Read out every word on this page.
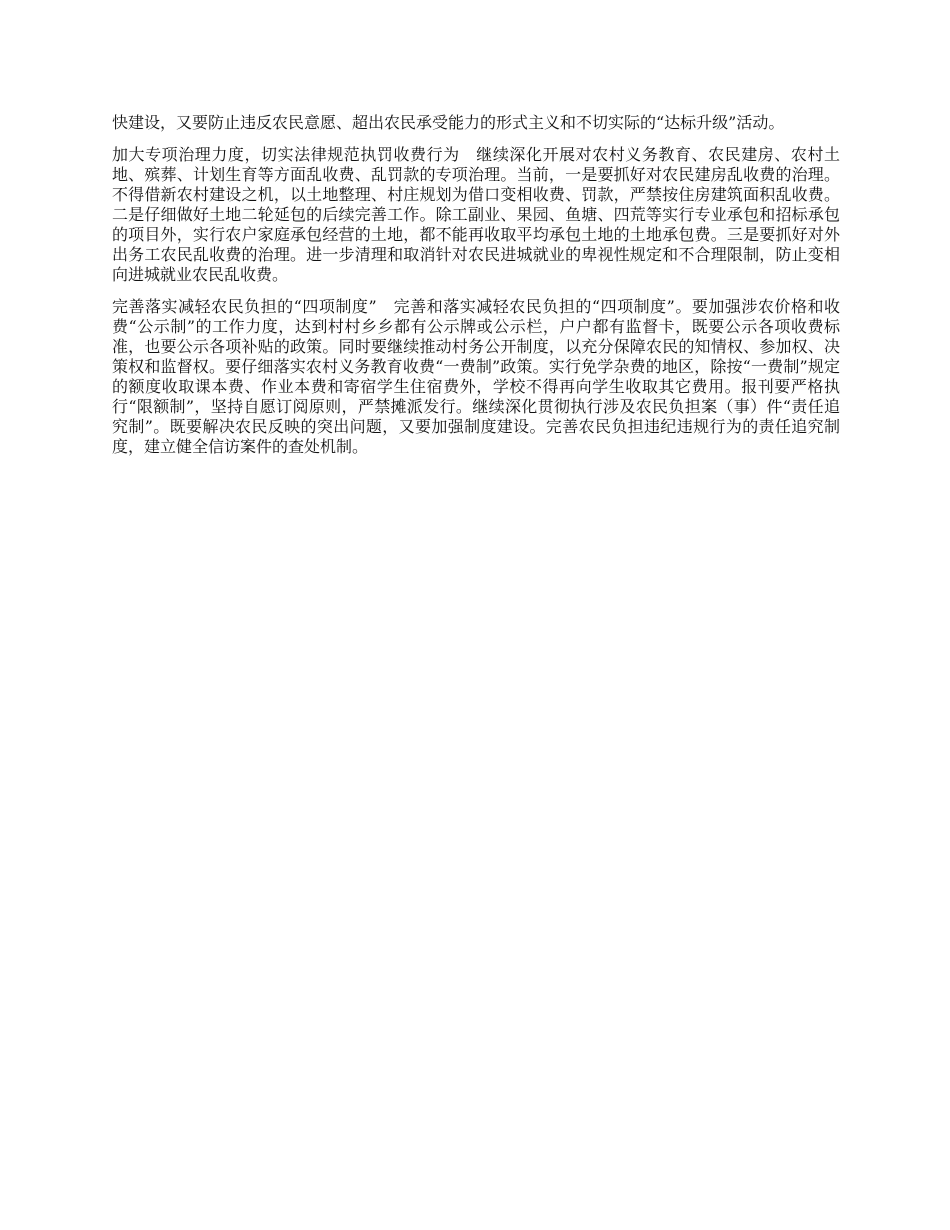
快建设，又要防止违反农民意愿、超出农民承受能力的形式主义和不切实际的“达标升级”活动。

加大专项治理力度，切实法律规范执罚收费行为　继续深化开展对农村义务教育、农民建房、农村土地、殡葬、计划生育等方面乱收费、乱罚款的专项治理。当前，一是要抓好对农民建房乱收费的治理。不得借新农村建设之机，以土地整理、村庄规划为借口变相收费、罚款，严禁按住房建筑面积乱收费。二是仔细做好土地二轮延包的后续完善工作。除工副业、果园、鱼塘、四荒等实行专业承包和招标承包的项目外，实行农户家庭承包经营的土地，都不能再收取平均承包土地的土地承包费。三是要抓好对外出务工农民乱收费的治理。进一步清理和取消针对农民进城就业的卑视性规定和不合理限制，防止变相向进城就业农民乱收费。

完善落实减轻农民负担的“四项制度”　完善和落实减轻农民负担的“四项制度”。要加强涉农价格和收费“公示制”的工作力度，达到村村乡乡都有公示牌或公示栏，户户都有监督卡，既要公示各项收费标准，也要公示各项补贴的政策。同时要继续推动村务公开制度，以充分保障农民的知情权、参加权、决策权和监督权。要仔细落实农村义务教育收费“一费制”政策。实行免学杂费的地区，除按“一费制”规定的额度收取课本费、作业本费和寄宿学生住宿费外，学校不得再向学生收取其它费用。报刊要严格执行“限额制”，坚持自愿订阅原则，严禁摊派发行。继续深化贯彻执行涉及农民负担案（事）件“责任追究制”。既要解决农民反映的突出问题，又要加强制度建设。完善农民负担违纪违规行为的责任追究制度，建立健全信访案件的查处机制。
